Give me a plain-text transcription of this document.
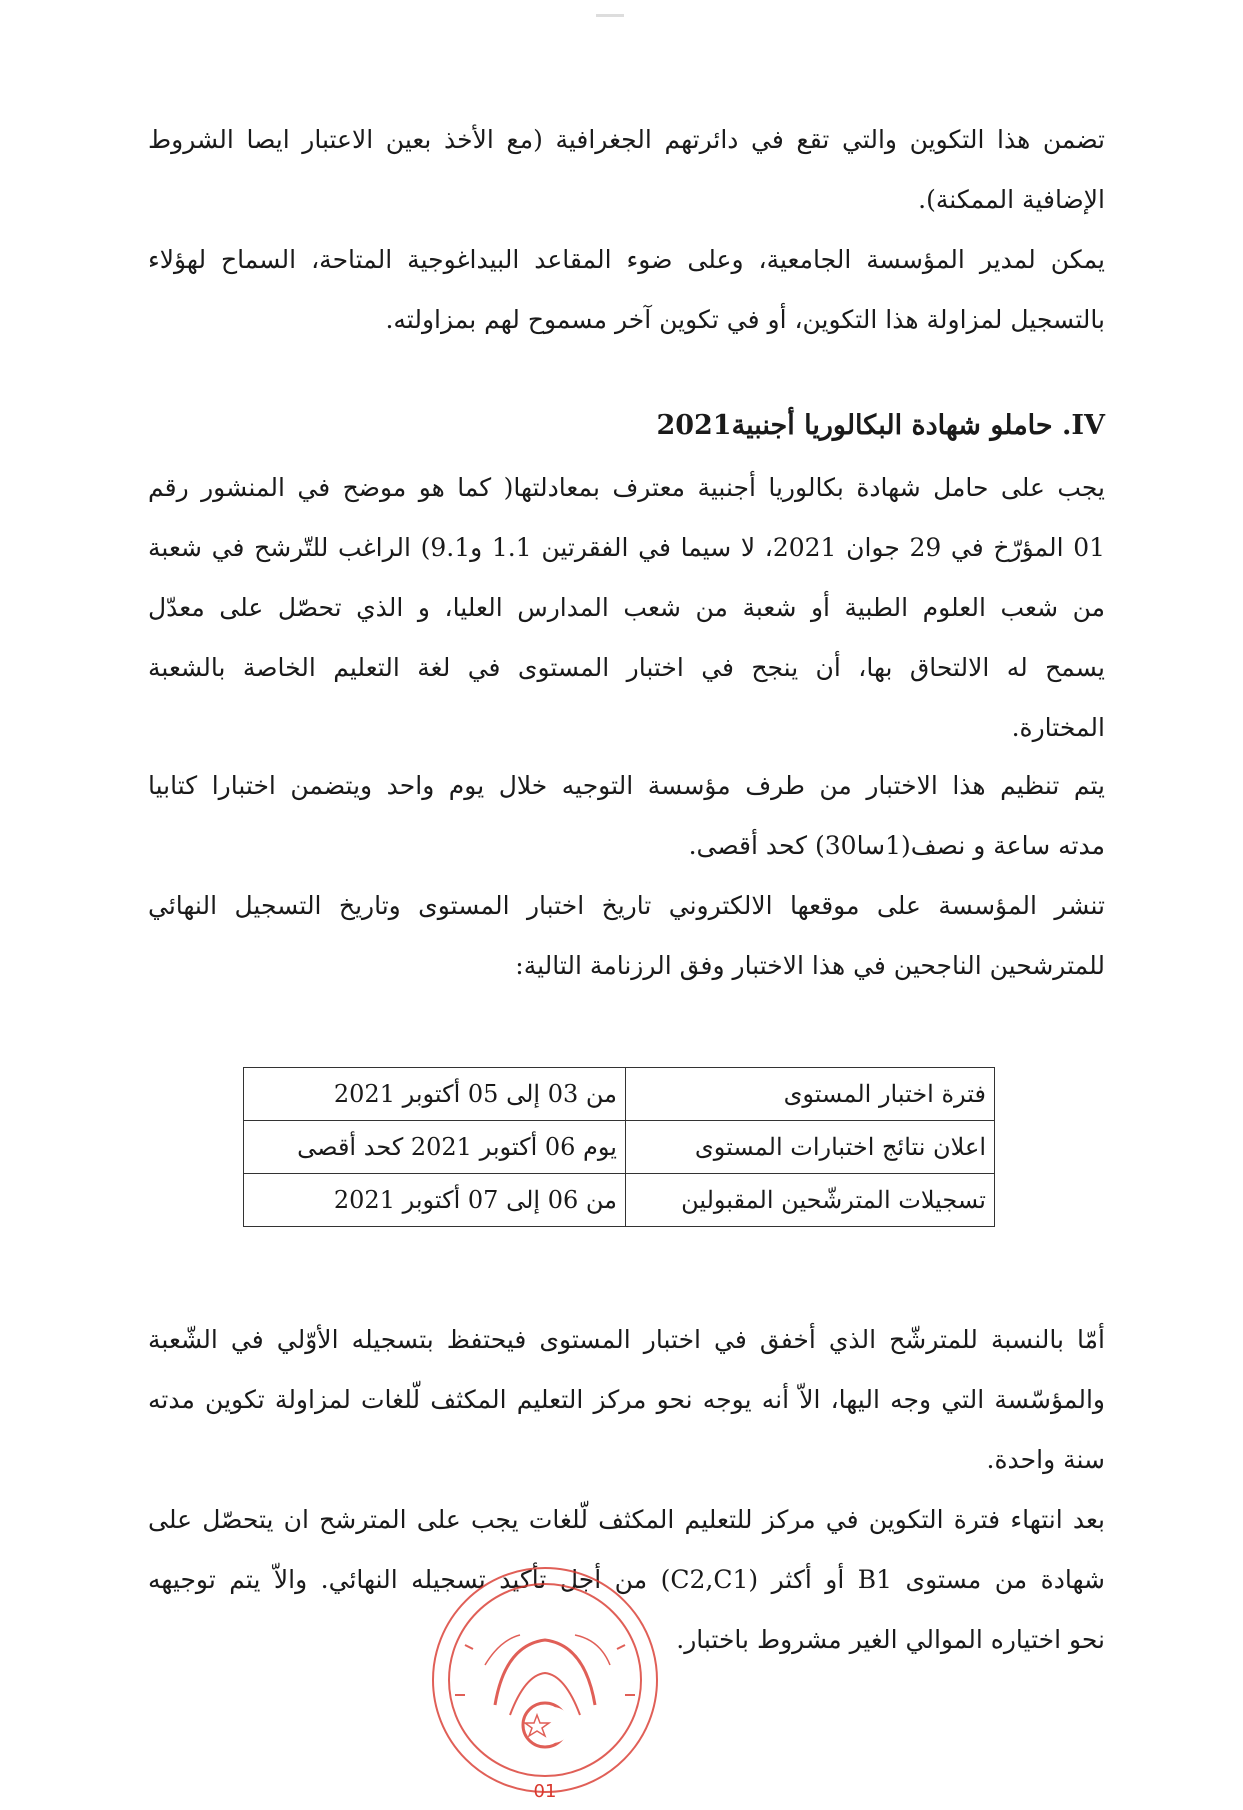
تضمن هذا التكوين والتي تقع في دائرتهم الجغرافية (مع الأخذ بعين الاعتبار ايصا الشروط
الإضافية الممكنة).
يمكن لمدير المؤسسة الجامعية، وعلى ضوء المقاعد البيداغوجية المتاحة، السماح لهؤلاء
بالتسجيل لمزاولة هذا التكوين، أو في تكوين آخر مسموح لهم بمزاولته.
IV. حاملو شهادة البكالوريا أجنبية2021
يجب على حامل شهادة بكالوريا أجنبية معترف بمعادلتها( كما هو موضح في المنشور رقم
01 المؤرّخ في 29 جوان 2021، لا سيما في الفقرتين 1.1 و9.1) الراغب للتّرشح في شعبة
من شعب العلوم الطبية أو شعبة من شعب المدارس العليا، و الذي تحصّل على معدّل
يسمح له الالتحاق بها، أن ينجح في اختبار المستوى في لغة التعليم الخاصة بالشعبة
المختارة.
يتم تنظيم هذا الاختبار من طرف مؤسسة التوجيه خلال يوم واحد ويتضمن اختبارا كتابيا
مدته ساعة و نصف(1سا30) كحد أقصى.
تنشر المؤسسة على موقعها الالكتروني تاريخ اختبار المستوى وتاريخ التسجيل النهائي
للمترشحين الناجحين في هذا الاختبار وفق الرزنامة التالية:
فترة اختبار المستوى	من 03 إلى 05 أكتوبر 2021
اعلان نتائج اختبارات المستوى	يوم 06 أكتوبر 2021 كحد أقصى
تسجيلات المترشّحين المقبولين	من 06 إلى 07 أكتوبر 2021
أمّا بالنسبة للمترشّح الذي أخفق في اختبار المستوى فيحتفظ بتسجيله الأوّلي في الشّعبة
والمؤسّسة التي وجه اليها، الاّ أنه يوجه نحو مركز التعليم المكثف لّلغات لمزاولة تكوين مدته
سنة واحدة.
بعد انتهاء فترة التكوين في مركز للتعليم المكثف لّلغات يجب على المترشح ان يتحصّل على
شهادة من مستوى B1 أو أكثر (C2,C1) من أجل تأكيد تسجيله النهائي. والاّ يتم توجيهه
نحو اختياره الموالي الغير مشروط باختبار.
01
